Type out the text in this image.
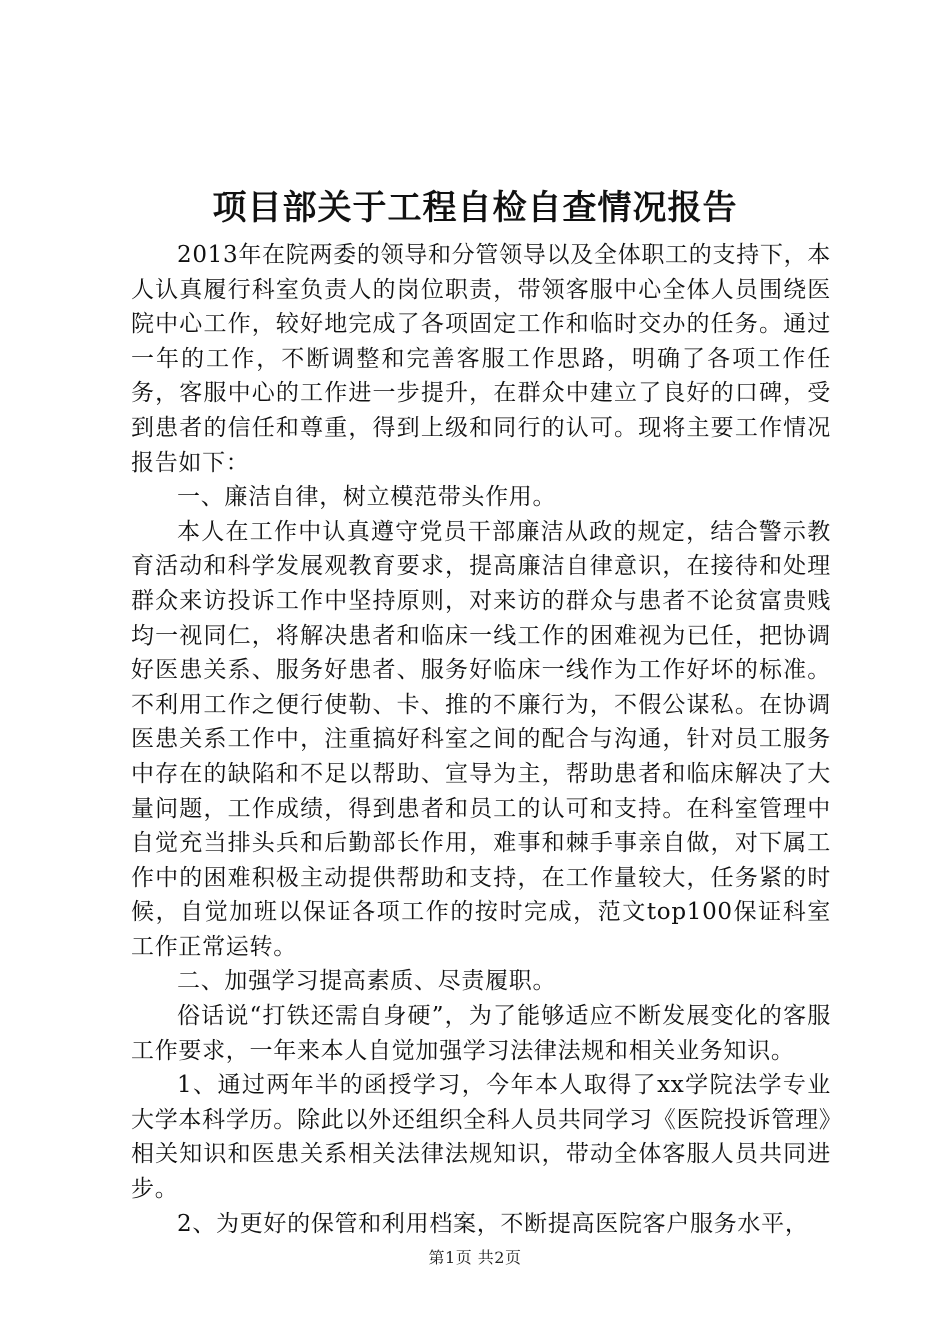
项目部关于工程自检自查情况报告

2013年在院两委的领导和分管领导以及全体职工的支持下，本人认真履行科室负责人的岗位职责，带领客服中心全体人员围绕医院中心工作，较好地完成了各项固定工作和临时交办的任务。通过一年的工作，不断调整和完善客服工作思路，明确了各项工作任务，客服中心的工作进一步提升，在群众中建立了良好的口碑，受到患者的信任和尊重，得到上级和同行的认可。现将主要工作情况报告如下：

一、廉洁自律，树立模范带头作用。

本人在工作中认真遵守党员干部廉洁从政的规定，结合警示教育活动和科学发展观教育要求，提高廉洁自律意识，在接待和处理群众来访投诉工作中坚持原则，对来访的群众与患者不论贫富贵贱均一视同仁，将解决患者和临床一线工作的困难视为已任，把协调好医患关系、服务好患者、服务好临床一线作为工作好坏的标准。不利用工作之便行使勒、卡、推的不廉行为，不假公谋私。在协调医患关系工作中，注重搞好科室之间的配合与沟通，针对员工服务中存在的缺陷和不足以帮助、宣导为主，帮助患者和临床解决了大量问题，工作成绩，得到患者和员工的认可和支持。在科室管理中自觉充当排头兵和后勤部长作用，难事和棘手事亲自做，对下属工作中的困难积极主动提供帮助和支持，在工作量较大，任务紧的时候，自觉加班以保证各项工作的按时完成，范文top100保证科室工作正常运转。

二、加强学习提高素质、尽责履职。

俗话说“打铁还需自身硬”，为了能够适应不断发展变化的客服工作要求，一年来本人自觉加强学习法律法规和相关业务知识。

1、通过两年半的函授学习，今年本人取得了xx学院法学专业大学本科学历。除此以外还组织全科人员共同学习《医院投诉管理》相关知识和医患关系相关法律法规知识，带动全体客服人员共同进步。

2、为更好的保管和利用档案，不断提高医院客户服务水平，

第1页 共2页
